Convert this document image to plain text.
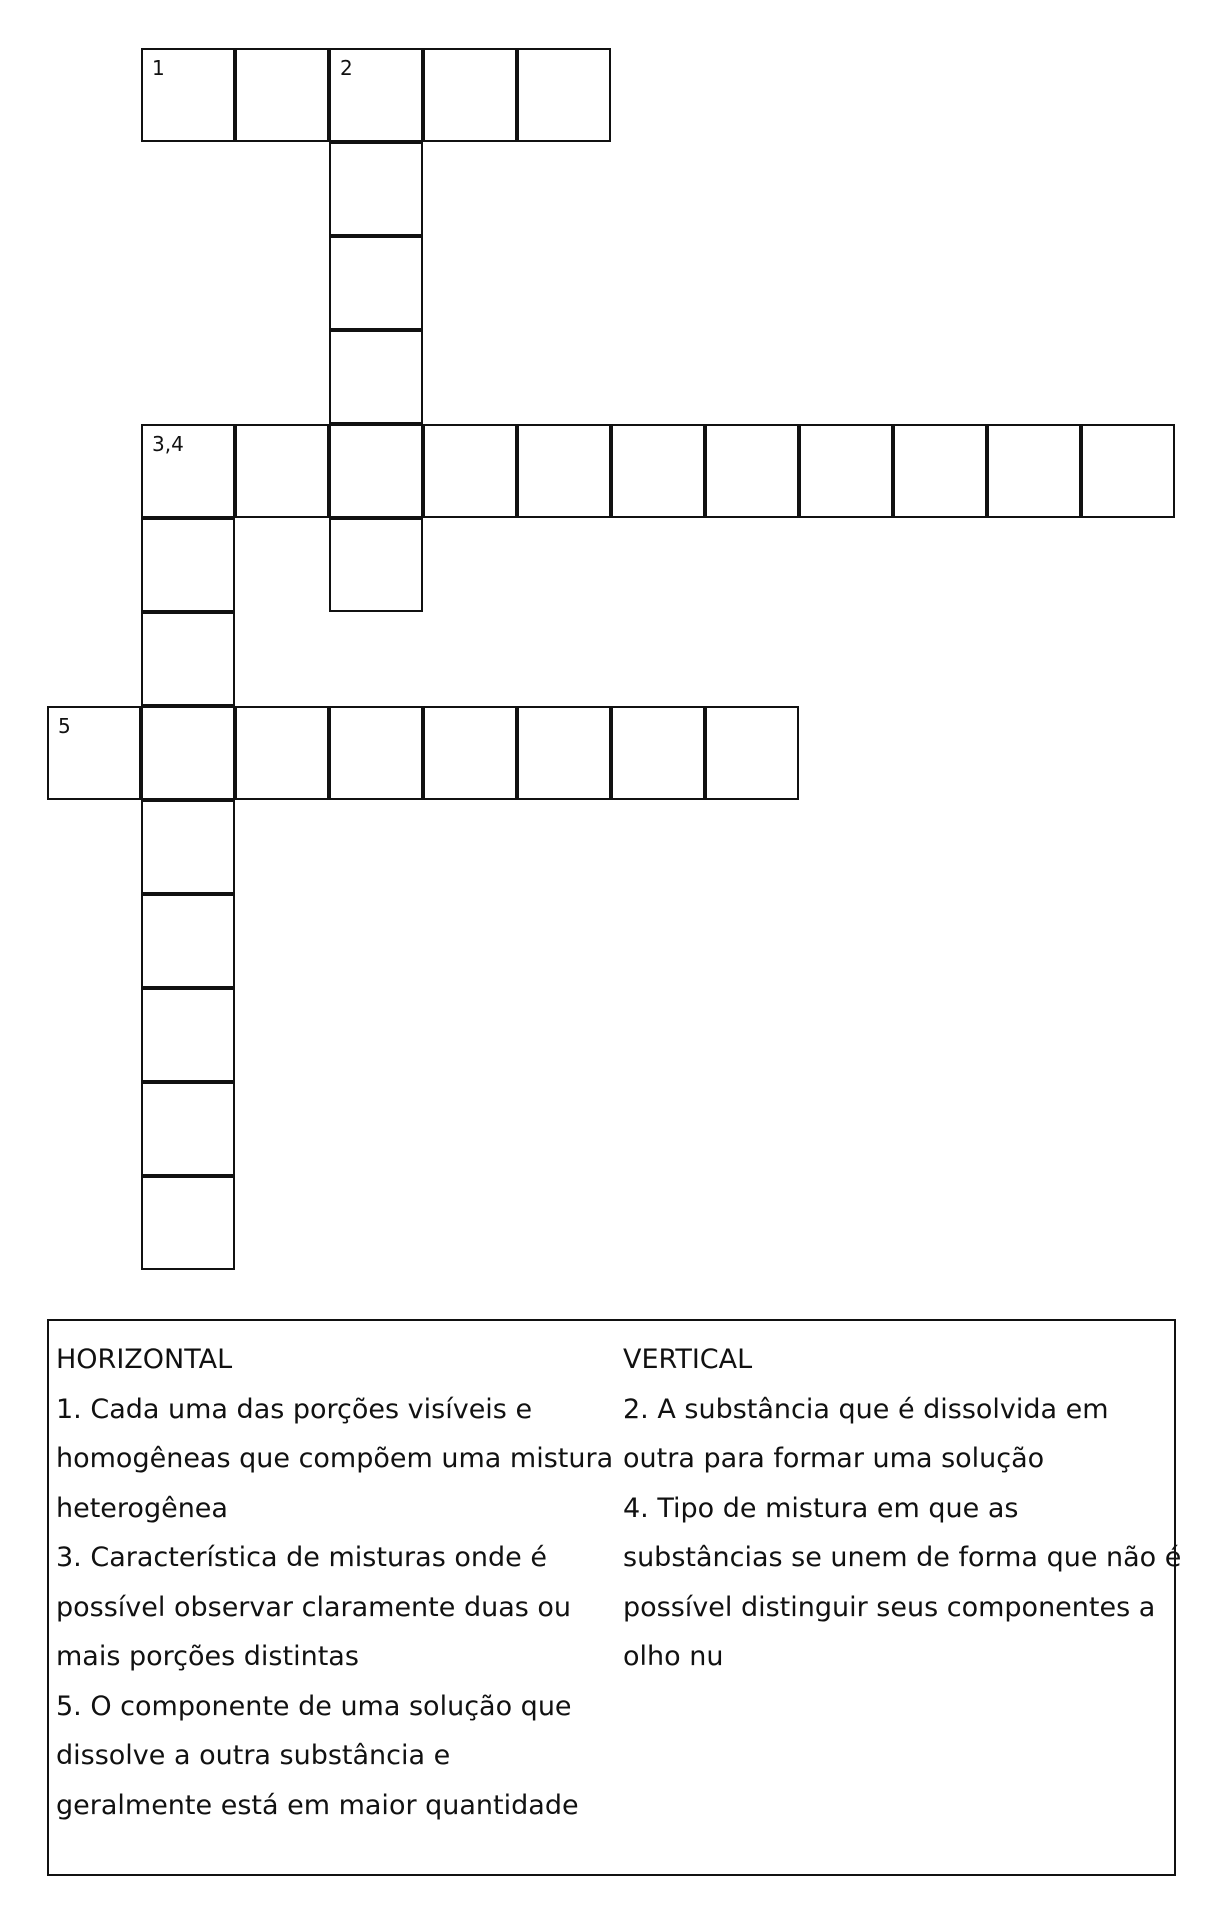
1	2
3,4
5
HORIZONTAL
1. Cada uma das porções visíveis e
homogêneas que compõem uma mistura
heterogênea
3. Característica de misturas onde é
possível observar claramente duas ou
mais porções distintas
5. O componente de uma solução que
dissolve a outra substância e
geralmente está em maior quantidade
VERTICAL
2. A substância que é dissolvida em
outra para formar uma solução
4. Tipo de mistura em que as
substâncias se unem de forma que não é
possível distinguir seus componentes a
olho nu
